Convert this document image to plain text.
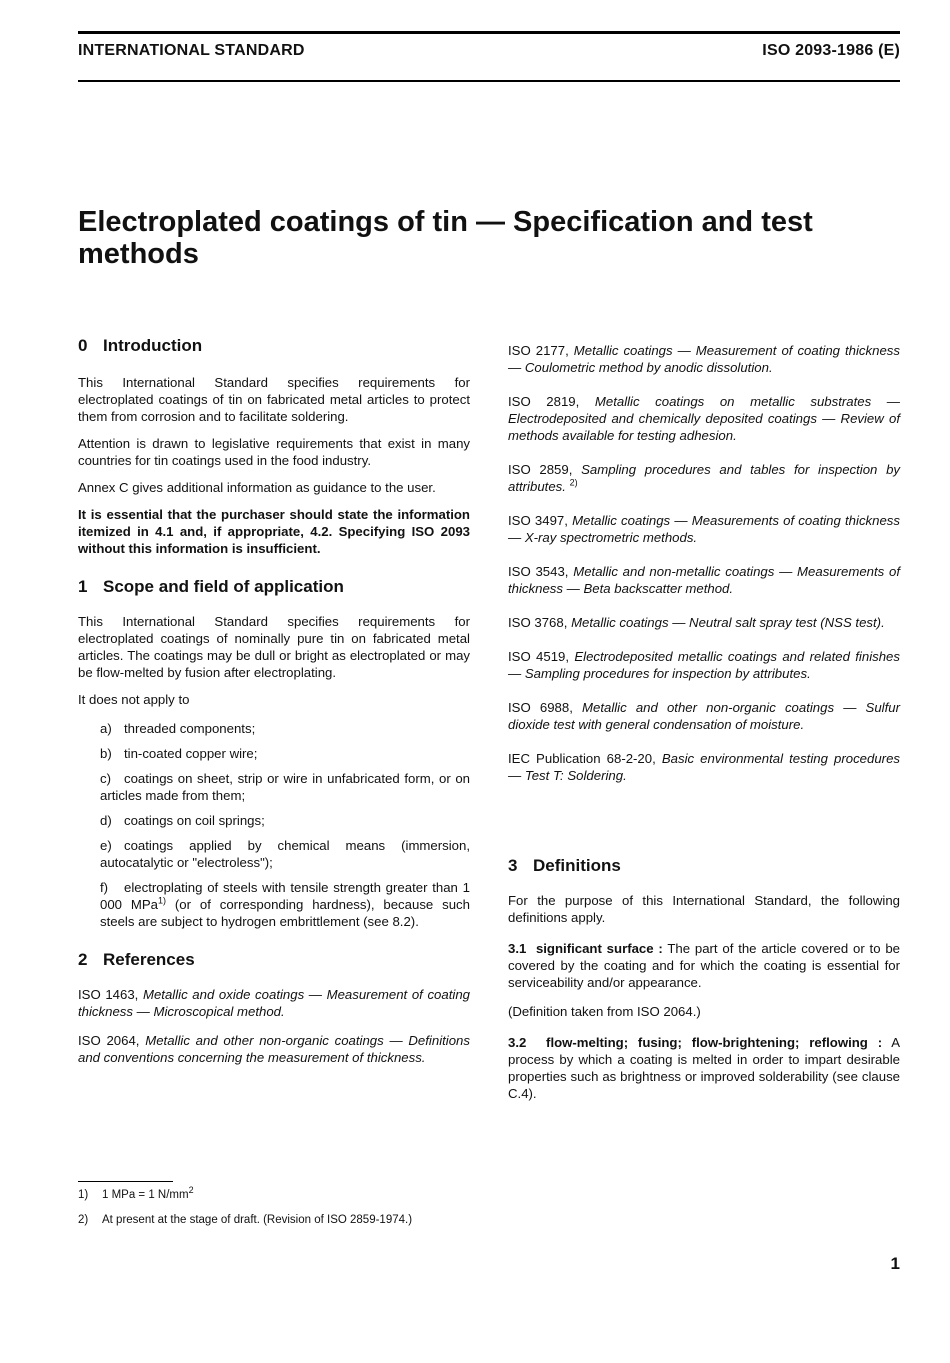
INTERNATIONAL STANDARD	ISO 2093-1986 (E)
Electroplated coatings of tin — Specification and test methods
0 Introduction

This International Standard specifies requirements for electroplated coatings of tin on fabricated metal articles to protect them from corrosion and to facilitate soldering.

Attention is drawn to legislative requirements that exist in many countries for tin coatings used in the food industry.

Annex C gives additional information as guidance to the user.

It is essential that the purchaser should state the information itemized in 4.1 and, if appropriate, 4.2. Specifying ISO 2093 without this information is insufficient.

1 Scope and field of application

This International Standard specifies requirements for electroplated coatings of nominally pure tin on fabricated metal articles. The coatings may be dull or bright as electroplated or may be flow-melted by fusion after electroplating.

It does not apply to

a) threaded components;

b) tin-coated copper wire;

c) coatings on sheet, strip or wire in unfabricated form, or on articles made from them;

d) coatings on coil springs;

e) coatings applied by chemical means (immersion, autocatalytic or "electroless");

f) electroplating of steels with tensile strength greater than 1 000 MPa$^{1)}$ (or of corresponding hardness), because such steels are subject to hydrogen embrittlement (see 8.2).

2 References

ISO 1463, Metallic and oxide coatings — Measurement of coating thickness — Microscopical method.

ISO 2064, Metallic and other non-organic coatings — Definitions and conventions concerning the measurement of thickness.

ISO 2177, Metallic coatings — Measurement of coating thickness — Coulometric method by anodic dissolution.

ISO 2819, Metallic coatings on metallic substrates — Electrodeposited and chemically deposited coatings — Review of methods available for testing adhesion.

ISO 2859, Sampling procedures and tables for inspection by attributes. $^{2)}$

ISO 3497, Metallic coatings — Measurements of coating thickness — X-ray spectrometric methods.

ISO 3543, Metallic and non-metallic coatings — Measurements of thickness — Beta backscatter method.

ISO 3768, Metallic coatings — Neutral salt spray test (NSS test).

ISO 4519, Electrodeposited metallic coatings and related finishes — Sampling procedures for inspection by attributes.

ISO 6988, Metallic and other non-organic coatings — Sulfur dioxide test with general condensation of moisture.

IEC Publication 68-2-20, Basic environmental testing procedures — Test T: Soldering.

3 Definitions

For the purpose of this International Standard, the following definitions apply.

3.1 significant surface : The part of the article covered or to be covered by the coating and for which the coating is essential for serviceability and/or appearance.

(Definition taken from ISO 2064.)

3.2 flow-melting; fusing; flow-brightening; reflowing : A process by which a coating is melted in order to impart desirable properties such as brightness or improved solderability (see clause C.4).

1) 1 MPa = 1 $N/mm^2$
2) At present at the stage of draft. (Revision of ISO 2859-1974.)
1
